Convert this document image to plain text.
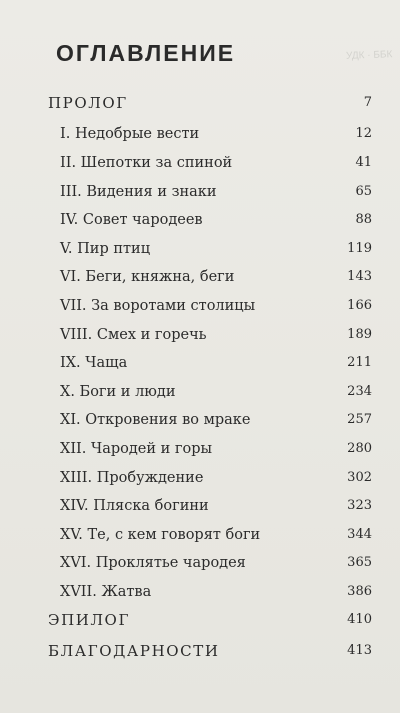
УДК · ББК
ОГЛАВЛЕНИЕ
ПРОЛОГ	7
I. Недобрые вести	12
II. Шепотки за спиной	41
III. Видения и знаки	65
IV. Совет чародеев	88
V. Пир птиц	119
VI. Беги, княжна, беги	143
VII. За воротами столицы	166
VIII. Смех и горечь	189
IX. Чаща	211
X. Боги и люди	234
XI. Откровения во мраке	257
XII. Чародей и горы	280
XIII. Пробуждение	302
XIV. Пляска богини	323
XV. Те, с кем говорят боги	344
XVI. Проклятье чародея	365
XVII. Жатва	386
ЭПИЛОГ	410
БЛАГОДАРНОСТИ	413
